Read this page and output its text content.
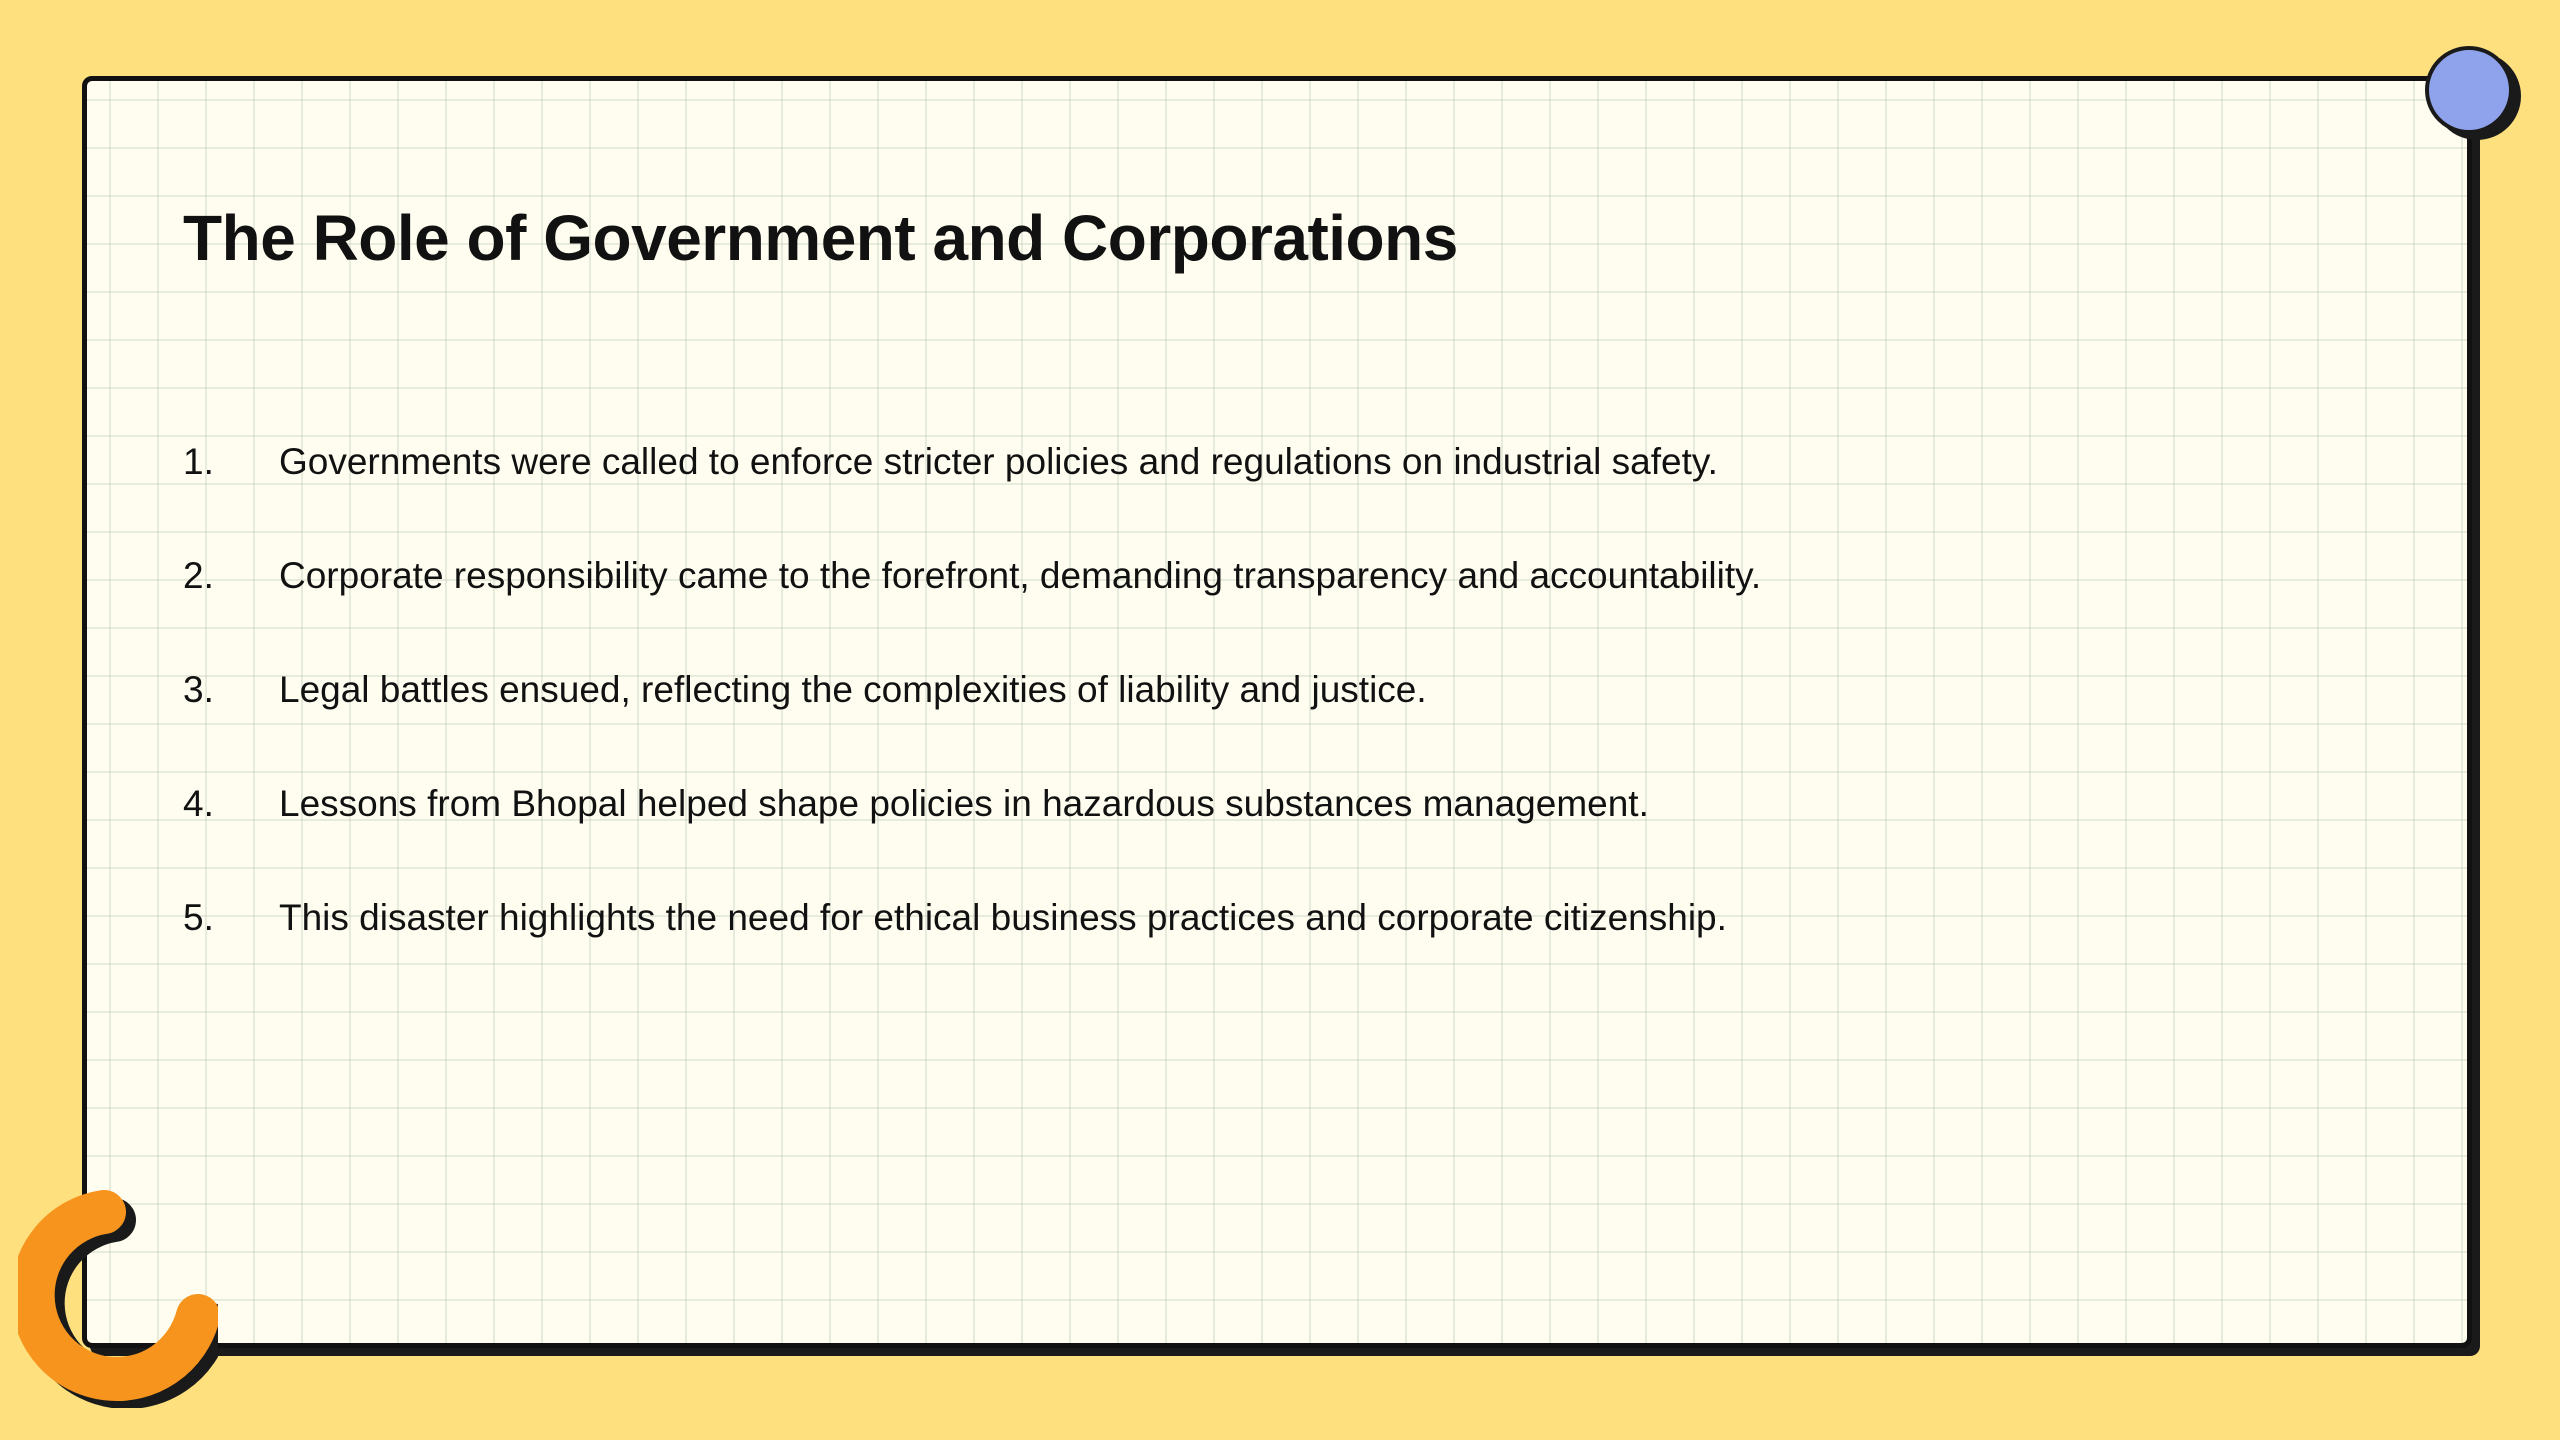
The Role of Government and Corporations
1.	Governments were called to enforce stricter policies and regulations on industrial safety.
2.	Corporate responsibility came to the forefront, demanding transparency and accountability.
3.	Legal battles ensued, reflecting the complexities of liability and justice.
4.	Lessons from Bhopal helped shape policies in hazardous substances management.
5.	This disaster highlights the need for ethical business practices and corporate citizenship.
